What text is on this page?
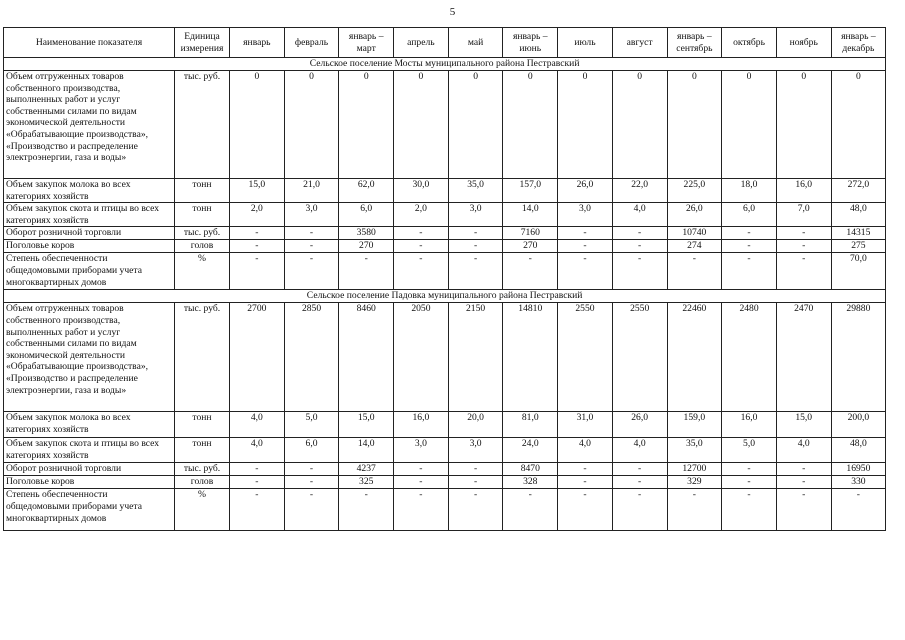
5
Наименование показателя	Единица измерения	январь	февраль	январь – март	апрель	май	январь – июнь	июль	август	январь – сентябрь	октябрь	ноябрь	январь – декабрь
Сельское поселение Мосты муниципального района Пестравский													
Объем отгруженных товаров собственного производства, выполненных работ и услуг собственными силами по видам экономической деятельности «Обрабатывающие производства», «Производство и распределение электроэнергии, газа и воды»	тыс. руб.	0	0	0	0	0	0	0	0	0	0	0	0
Объем закупок молока во всех категориях хозяйств	тонн	15,0	21,0	62,0	30,0	35,0	157,0	26,0	22,0	225,0	18,0	16,0	272,0
Объем закупок скота и птицы во всех категориях хозяйств	тонн	2,0	3,0	6,0	2,0	3,0	14,0	3,0	4,0	26,0	6,0	7,0	48,0
Оборот розничной торговли	тыс. руб.	-	-	3580	-	-	7160	-	-	10740	-	-	14315
Поголовье коров	голов	-	-	270	-	-	270	-	-	274	-	-	275
Степень обеспеченности общедомовыми приборами учета многоквартирных домов	%	-	-	-	-	-	-	-	-	-	-	-	70,0
Сельское поселение Падовка муниципального района Пестравский													
Объем отгруженных товаров собственного производства, выполненных работ и услуг собственными силами по видам экономической деятельности «Обрабатывающие производства», «Производство и распределение электроэнергии, газа и воды»	тыс. руб.	2700	2850	8460	2050	2150	14810	2550	2550	22460	2480	2470	29880
Объем закупок молока во всех категориях хозяйств	тонн	4,0	5,0	15,0	16,0	20,0	81,0	31,0	26,0	159,0	16,0	15,0	200,0
Объем закупок скота и птицы во всех категориях хозяйств	тонн	4,0	6,0	14,0	3,0	3,0	24,0	4,0	4,0	35,0	5,0	4,0	48,0
Оборот розничной торговли	тыс. руб.	-	-	4237	-	-	8470	-	-	12700	-	-	16950
Поголовье коров	голов	-	-	325	-	-	328	-	-	329	-	-	330
Степень обеспеченности общедомовыми приборами учета многоквартирных домов	%	-	-	-	-	-	-	-	-	-	-	-	-
